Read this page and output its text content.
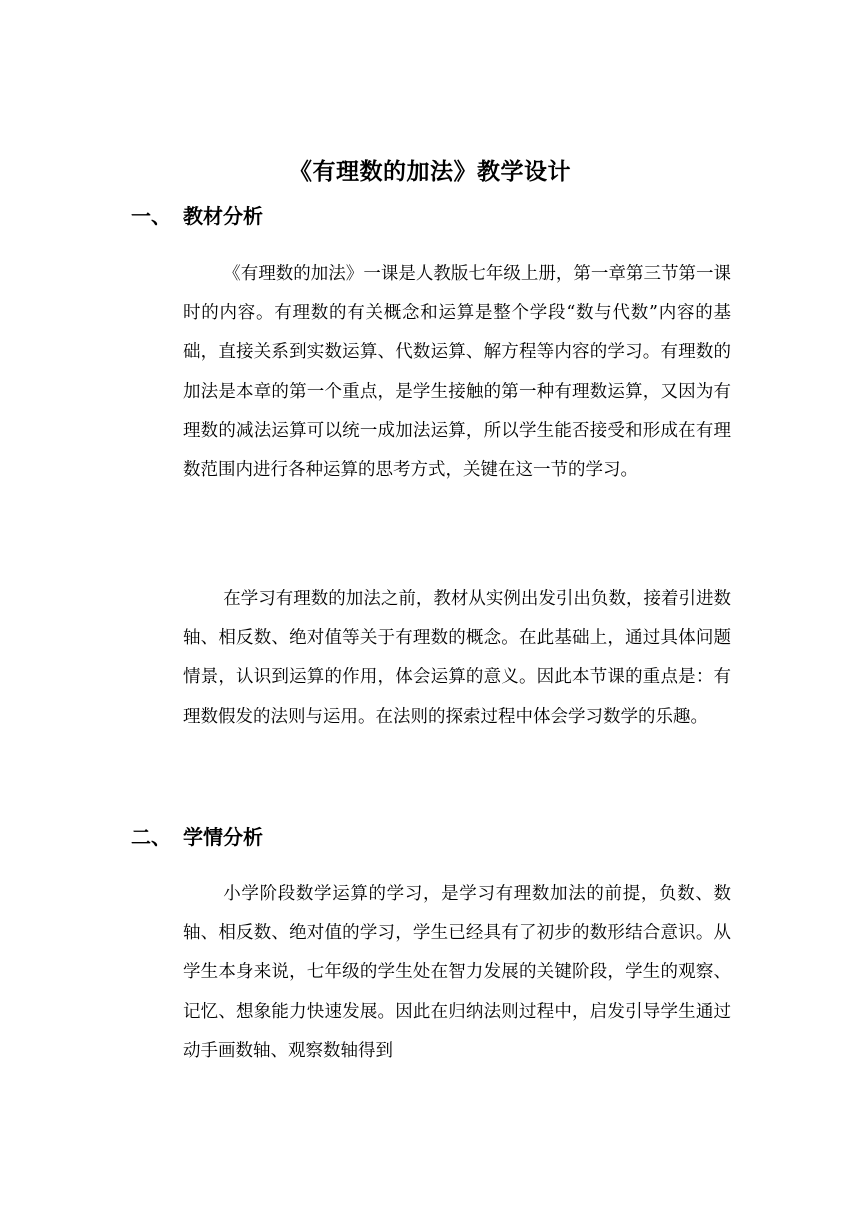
《有理数的加法》教学设计
一、 教材分析

《有理数的加法》一课是人教版七年级上册，第一章第三节第一课时的内容。有理数的有关概念和运算是整个学段“数与代数”内容的基础，直接关系到实数运算、代数运算、解方程等内容的学习。有理数的加法是本章的第一个重点，是学生接触的第一种有理数运算，又因为有理数的减法运算可以统一成加法运算，所以学生能否接受和形成在有理数范围内进行各种运算的思考方式，关键在这一节的学习。

在学习有理数的加法之前，教材从实例出发引出负数，接着引进数轴、相反数、绝对值等关于有理数的概念。在此基础上，通过具体问题情景，认识到运算的作用，体会运算的意义。因此本节课的重点是：有理数假发的法则与运用。在法则的探索过程中体会学习数学的乐趣。

二、 学情分析

小学阶段数学运算的学习，是学习有理数加法的前提，负数、数轴、相反数、绝对值的学习，学生已经具有了初步的数形结合意识。从学生本身来说，七年级的学生处在智力发展的关键阶段，学生的观察、记忆、想象能力快速发展。因此在归纳法则过程中，启发引导学生通过动手画数轴、观察数轴得到
